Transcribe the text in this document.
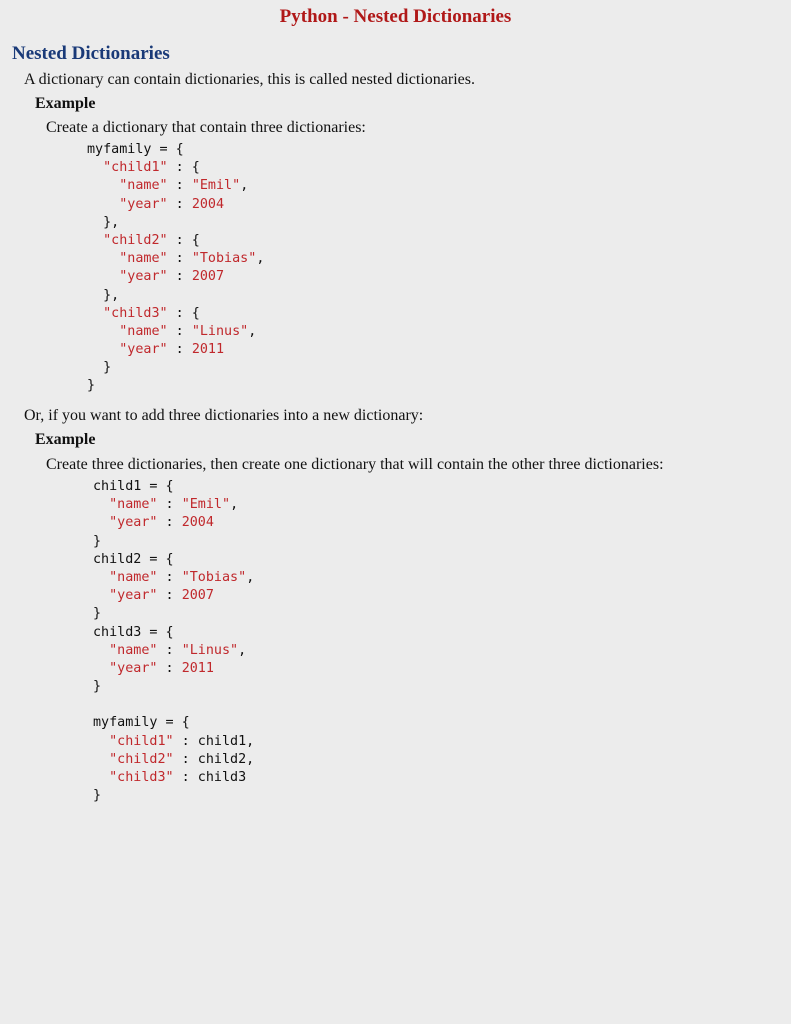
Python - Nested Dictionaries
Nested Dictionaries
A dictionary can contain dictionaries, this is called nested dictionaries.
Example
Create a dictionary that contain three dictionaries:
myfamily = {
"child1" : {
"name" : "Emil",
"year" : 2004
},
"child2" : {
"name" : "Tobias",
"year" : 2007
},
"child3" : {
"name" : "Linus",
"year" : 2011
}
}
Or, if you want to add three dictionaries into a new dictionary:
Example
Create three dictionaries, then create one dictionary that will contain the other three dictionaries:
child1 = {
"name" : "Emil",
"year" : 2004
}
child2 = {
"name" : "Tobias",
"year" : 2007
}
child3 = {
"name" : "Linus",
"year" : 2011
}
myfamily = {
"child1" : child1,
"child2" : child2,
"child3" : child3
}
